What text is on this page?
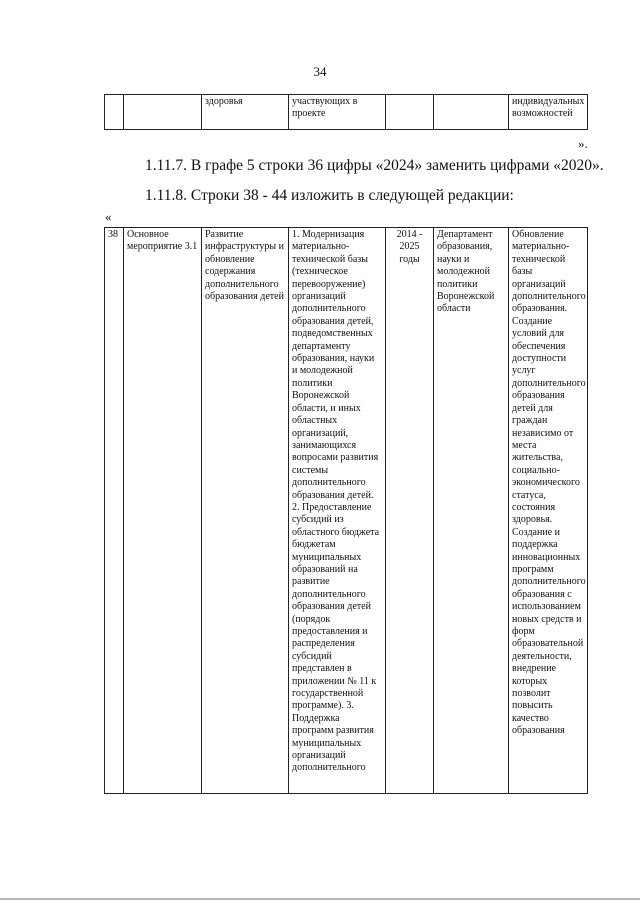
34
		здоровья	участвующих в проекте			индивидуальных возможностей
».
1.11.7. В графе 5 строки 36 цифры «2024» заменить цифрами «2020».
1.11.8. Строки 38 - 44 изложить в следующей редакции:
«
38	Основное мероприятие 3.1	Развитие инфраструктуры и обновление содержания дополнительного образования детей	1. Модернизация материально-технической базы (техническое перевооружение) организаций дополнительного образования детей, подведомственных департаменту образования, науки и молодежной политики Воронежской области, и иных областных организаций, занимающихся вопросами развития системы дополнительного образования детей. 2. Предоставление субсидий из областного бюджета бюджетам муниципальных образований на развитие дополнительного образования детей (порядок предоставления и распределения субсидий представлен в приложении № 11 к государственной программе). 3. Поддержка программ развития муниципальных организаций дополнительного	2014 - 2025 годы	Департамент образования, науки и молодежной политики Воронежской области	Обновление материально-технической базы организаций дополнительного образования. Создание условий для обеспечения доступности услуг дополнительного образования детей для граждан независимо от места жительства, социально-экономического статуса, состояния здоровья. Создание и поддержка инновационных программ дополнительного образования с использованием новых средств и форм образовательной деятельности, внедрение которых позволит повысить качество образования
